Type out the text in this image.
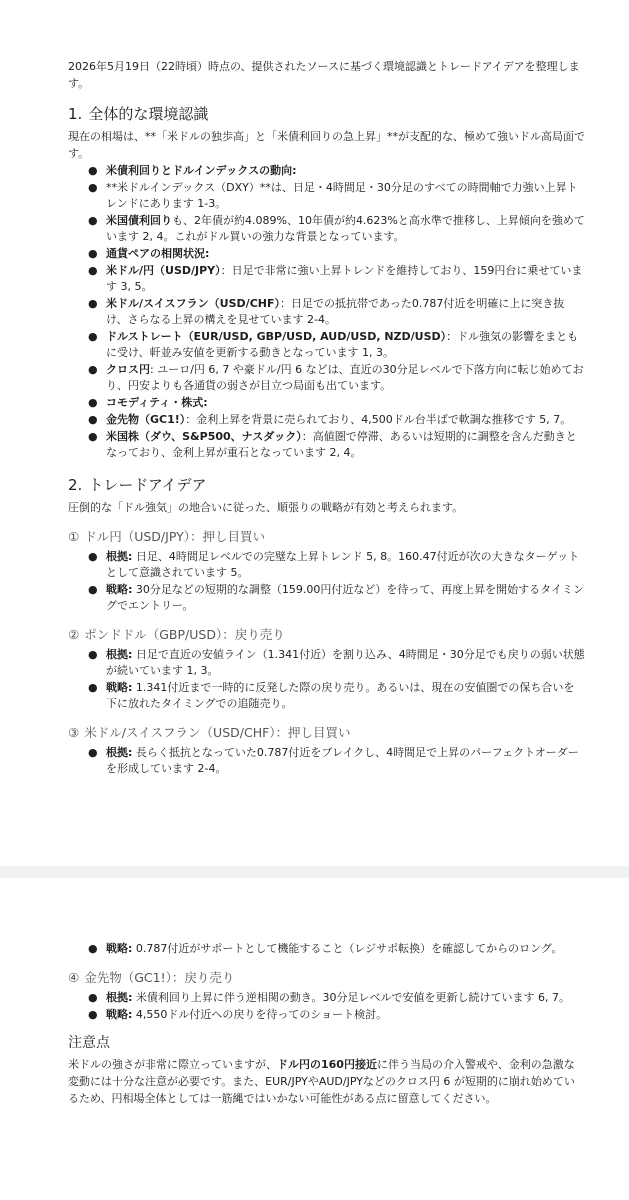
2026年5月19日（22時頃）時点の、提供されたソースに基づく環境認識とトレードアイデアを整理します。

1. 全体的な環境認識

現在の相場は、**「米ドルの独歩高」と「米債利回りの急上昇」**が支配的な、極めて強いドル高局面です。

● 米債利回りとドルインデックスの動向:
● **米ドルインデックス（DXY）**は、日足・4時間足・30分足のすべての時間軸で力強い上昇トレンドにあります 1-3。
● 米国債利回りも、2年債が約4.089%、10年債が約4.623%と高水準で推移し、上昇傾向を強めています 2, 4。これがドル買いの強力な背景となっています。
● 通貨ペアの相関状況:
● 米ドル/円（USD/JPY）：日足で非常に強い上昇トレンドを維持しており、159円台に乗せています 3, 5。
● 米ドル/スイスフラン（USD/CHF）：日足での抵抗帯であった0.787付近を明確に上に突き抜け、さらなる上昇の構えを見せています 2-4。
● ドルストレート（EUR/USD, GBP/USD, AUD/USD, NZD/USD）：ドル強気の影響をまともに受け、軒並み安値を更新する動きとなっています 1, 3。
● クロス円: ユーロ/円 6, 7 や豪ドル/円 6 などは、直近の30分足レベルで下落方向に転じ始めており、円安よりも各通貨の弱さが目立つ局面も出ています。
● コモディティ・株式:
● 金先物（GC1!）：金利上昇を背景に売られており、4,500ドル台半ばで軟調な推移です 5, 7。
● 米国株（ダウ、S&P500、ナスダック）：高値圏で停滞、あるいは短期的に調整を含んだ動きとなっており、金利上昇が重石となっています 2, 4。
2. トレードアイデア

圧倒的な「ドル強気」の地合いに従った、順張りの戦略が有効と考えられます。

① ドル円（USD/JPY）：押し目買い
● 根拠: 日足、4時間足レベルでの完璧な上昇トレンド 5, 8。160.47付近が次の大きなターゲットとして意識されています 5。
● 戦略: 30分足などの短期的な調整（159.00円付近など）を待って、再度上昇を開始するタイミングでエントリー。
② ポンドドル（GBP/USD）：戻り売り
● 根拠: 日足で直近の安値ライン（1.341付近）を割り込み、4時間足・30分足でも戻りの弱い状態が続いています 1, 3。
● 戦略: 1.341付近まで一時的に反発した際の戻り売り。あるいは、現在の安値圏での保ち合いを下に放れたタイミングでの追随売り。
③ 米ドル/スイスフラン（USD/CHF）：押し目買い
● 根拠: 長らく抵抗となっていた0.787付近をブレイクし、4時間足で上昇のパーフェクトオーダーを形成しています 2-4。
● 戦略: 0.787付近がサポートとして機能すること（レジサポ転換）を確認してからのロング。
④ 金先物（GC1!）：戻り売り
● 根拠: 米債利回り上昇に伴う逆相関の動き。30分足レベルで安値を更新し続けています 6, 7。
● 戦略: 4,550ドル付近への戻りを待ってのショート検討。
注意点

米ドルの強さが非常に際立っていますが、ドル円の160円接近に伴う当局の介入警戒や、金利の急激な変動には十分な注意が必要です。また、EUR/JPYやAUD/JPYなどのクロス円 6 が短期的に崩れ始めているため、円相場全体としては一筋縄ではいかない可能性がある点に留意してください。
